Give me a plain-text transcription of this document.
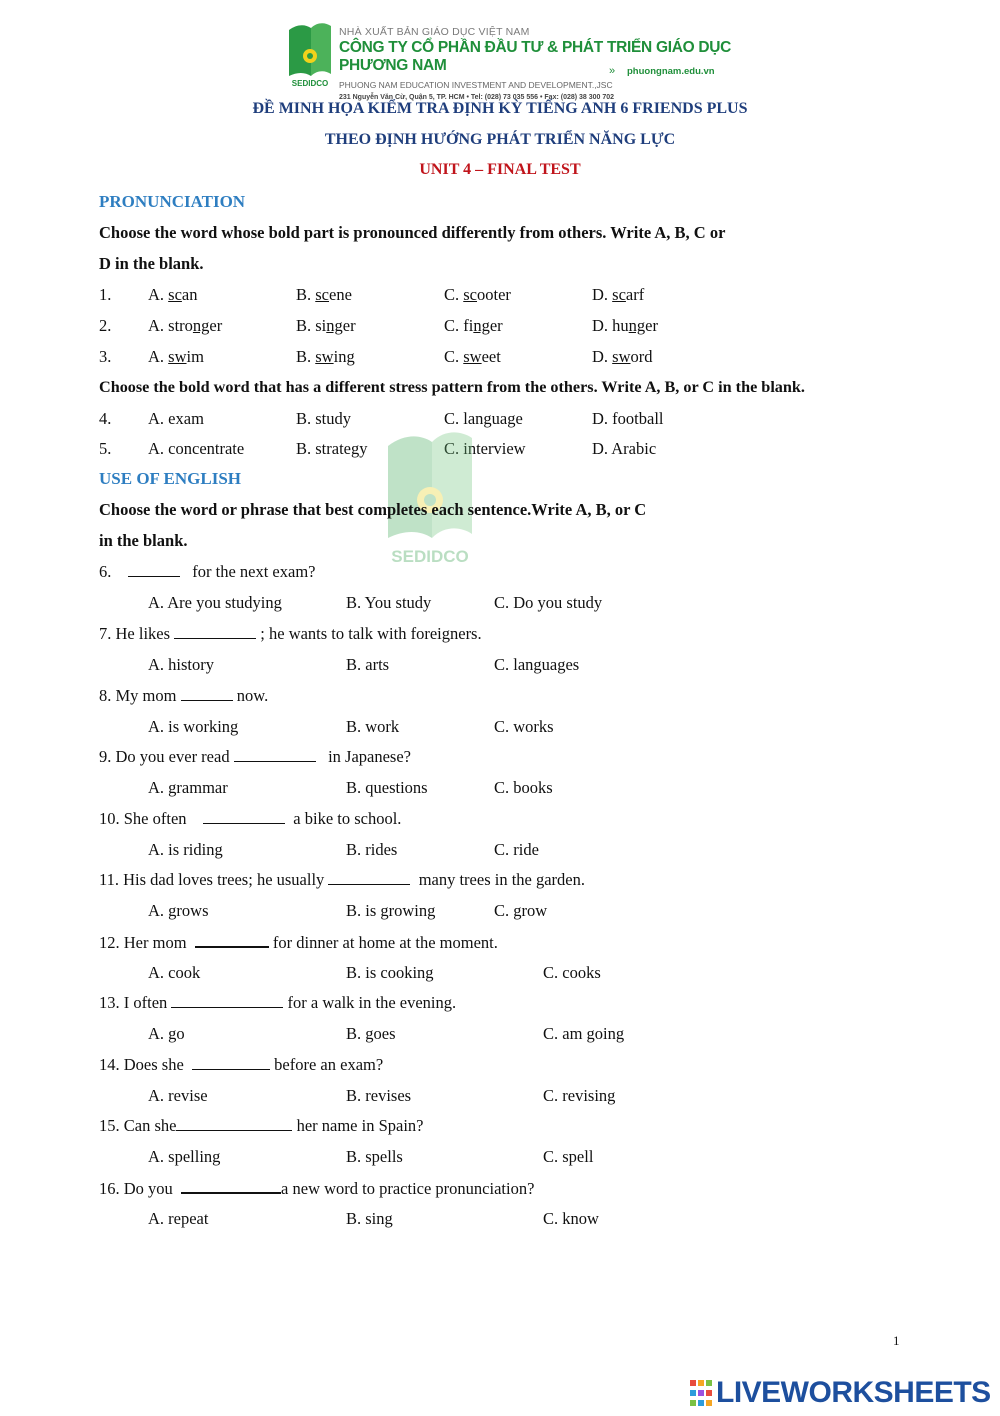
SEDIDCO
NHÀ XUẤT BẢN GIÁO DỤC VIỆT NAM
CÔNG TY CỔ PHẦN ĐẦU TƯ & PHÁT TRIỂN GIÁO DỤC PHƯƠNG NAM
PHUONG NAM EDUCATION INVESTMENT AND DEVELOPMENT.,JSC
» phuongnam.edu.vn
231 Nguyễn Văn Cừ, Quận 5, TP. HCM • Tel: (028) 73 035 556 • Fax: (028) 38 300 702
ĐỀ MINH HỌA KIỂM TRA ĐỊNH KỲ TIẾNG ANH 6 FRIENDS PLUS
THEO ĐỊNH HƯỚNG PHÁT TRIỂN NĂNG LỰC
UNIT 4 – FINAL TEST
PRONUNCIATION
Choose the word whose bold part is pronounced differently from others. Write A, B, C or
D in the blank.
1. A. scan	B. scene	C. scooter	D. scarf
2. A. stronger	B. singer	C. finger	D. hunger
3. A. swim	B. swing	C. sweet	D. sword
Choose the bold word that has a different stress pattern from the others. Write A, B, or C in the blank.
4. A. exam	B. study	C. language	D. football
5. A. concentrate	B. strategy	C. interview	D. Arabic
SEDIDCO
USE OF ENGLISH
Choose the word or phrase that best completes each sentence.Write A, B, or C
in the blank.
6.	for the next exam?
A. Are you studying	B. You study	C. Do you study
7. He likes	; he wants to talk with foreigners.
A. history	B. arts	C. languages
8. My mom	now.
A. is working	B. work	C. works
9. Do you ever read	in Japanese?
A. grammar	B. questions	C. books
10. She often	a bike to school.
A. is riding	B. rides	C. ride
11. His dad loves trees; he usually	many trees in the garden.
A. grows	B. is growing	C. grow
12. Her mom	for dinner at home at the moment.
A. cook	B. is cooking	C. cooks
13. I often	for a walk in the evening.
A. go	B. goes	C. am going
14. Does she	before an exam?
A. revise	B. revises	C. revising
15. Can she	her name in Spain?
A. spelling	B. spells	C. spell
16. Do you	a new word to practice pronunciation?
A. repeat	B. sing	C. know
1
LIVEWORKSHEETS
